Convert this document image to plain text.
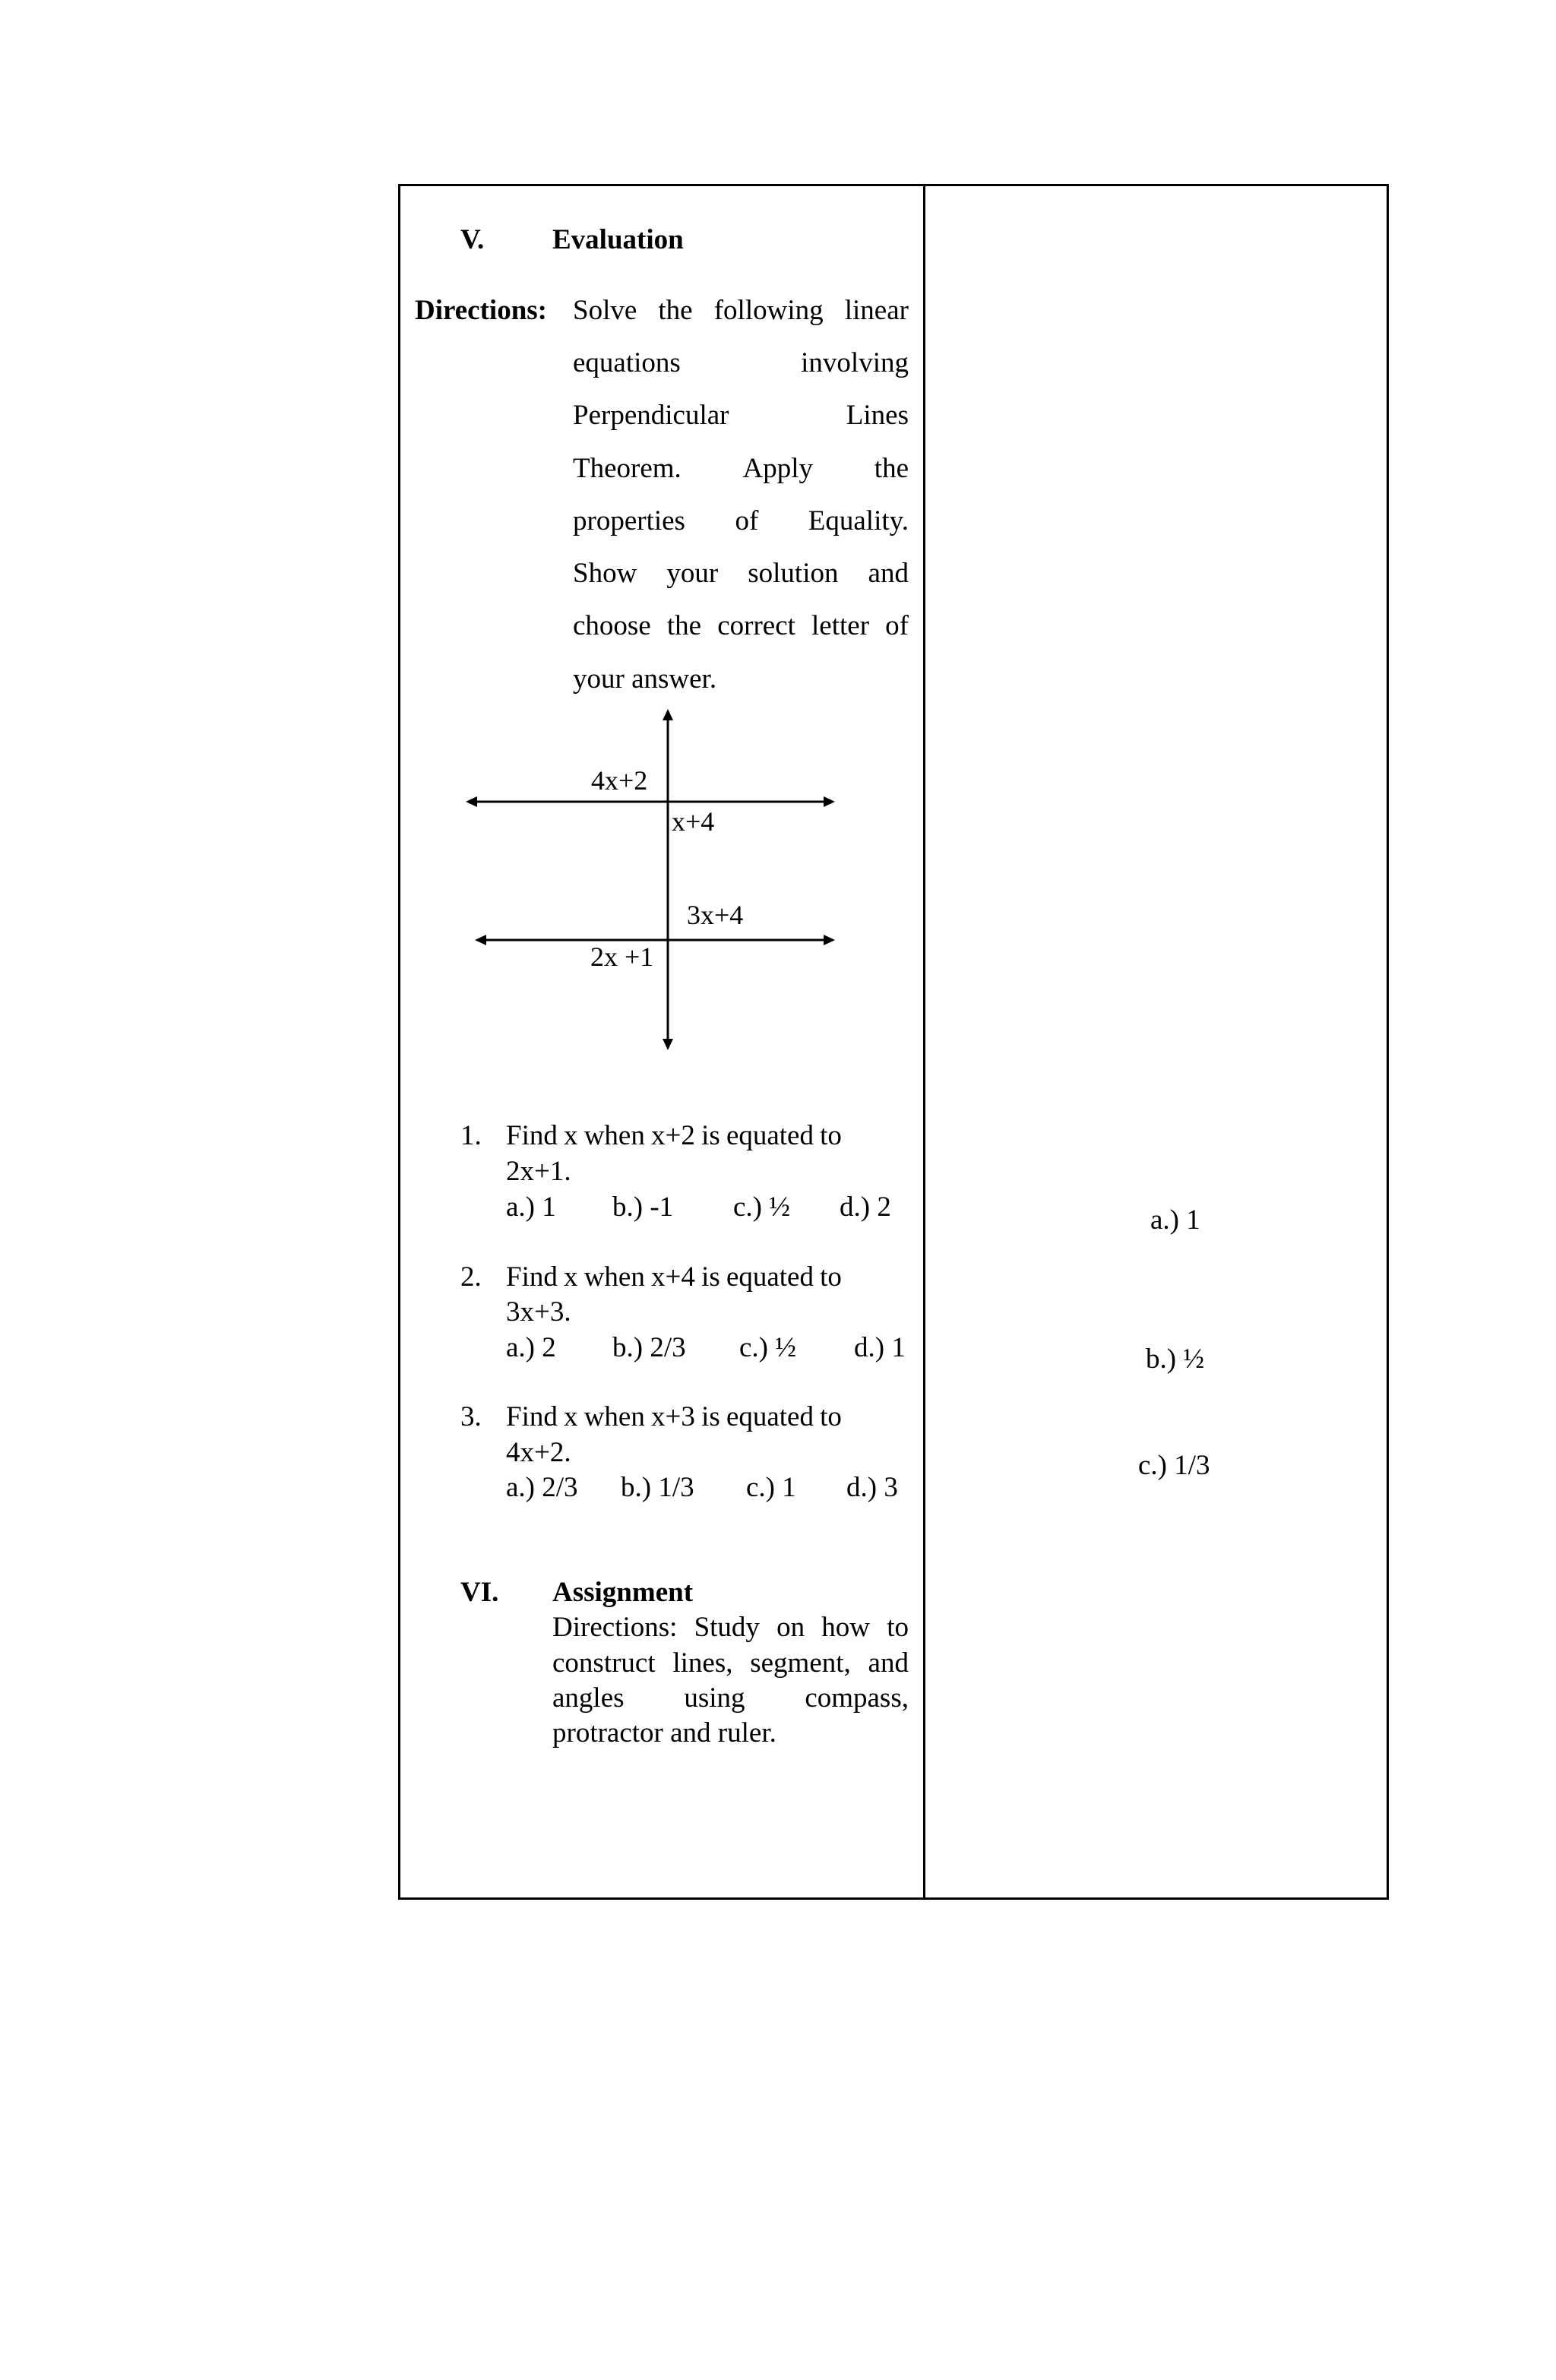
V. Evaluation
Directions: Solve the following linear
equations	involving
Perpendicular	Lines
Theorem. Apply the
properties of Equality.
Show your solution and
choose the correct letter of
your answer.
4x+2
x+4
3x+4
2x +1
1. Find x when x+2 is equated to
2x+1.
a.) 1 b.) -1 c.) ½ d.) 2
2. Find x when x+4 is equated to
3x+3.
a.) 2 b.) 2/3 c.) ½ d.) 1
3. Find x when x+3 is equated to
4x+2.
a.) 2/3 b.) 1/3 c.) 1 d.) 3
VI. Assignment
Directions: Study on how to
construct lines, segment, and
angles using compass,
protractor and ruler.
a.) 1
b.) ½
c.) 1/3
